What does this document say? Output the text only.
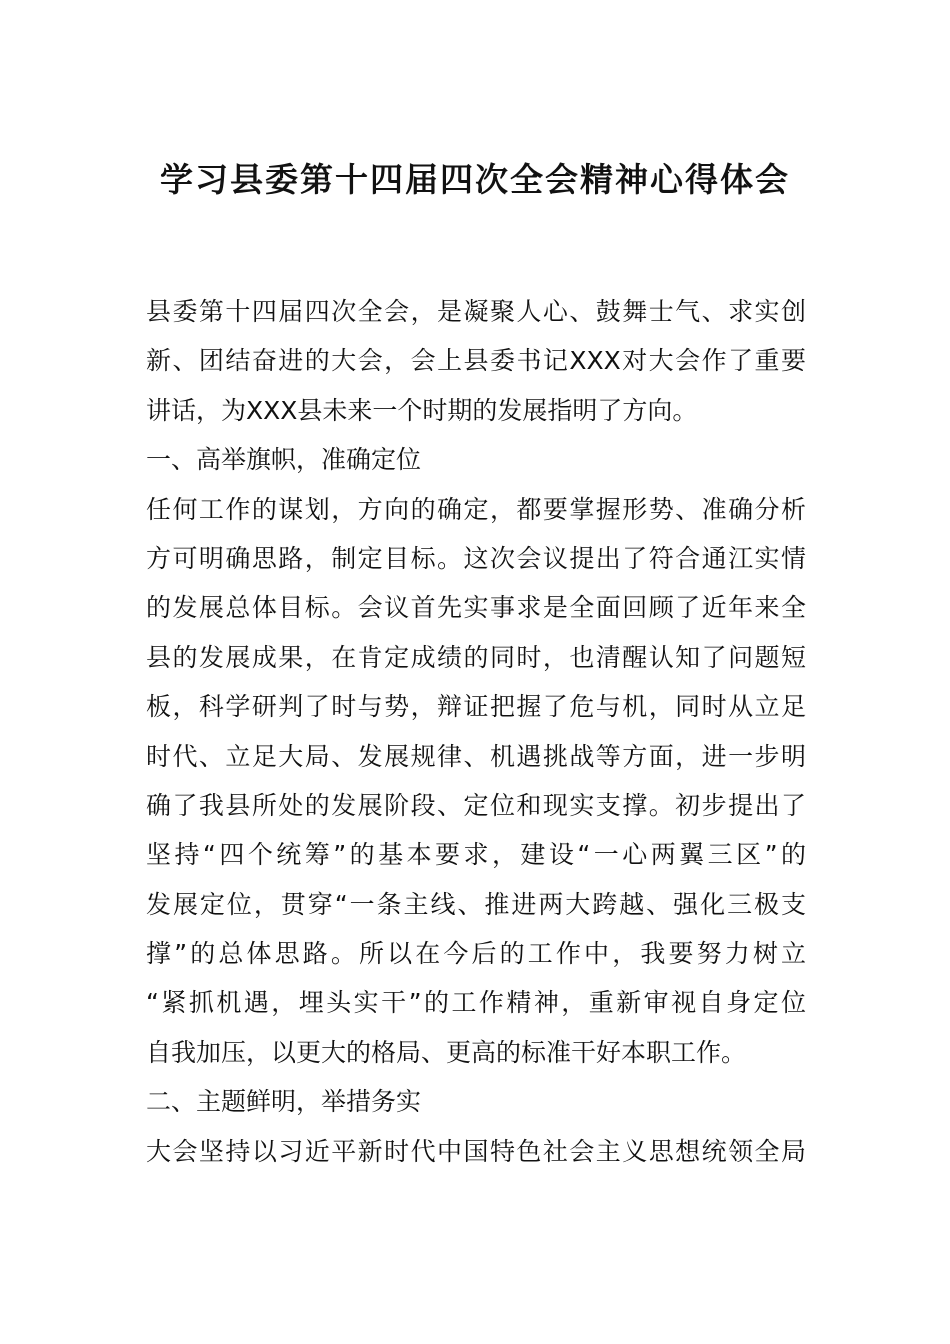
学习县委第十四届四次全会精神心得体会

县委第十四届四次全会，是凝聚人心、鼓舞士气、求实创

新、团结奋进的大会，会上县委书记XXX对大会作了重要

讲话，为XXX县未来一个时期的发展指明了方向。

一、高举旗帜，准确定位

任何工作的谋划，方向的确定，都要掌握形势、准确分析

方可明确思路，制定目标。这次会议提出了符合通江实情

的发展总体目标。会议首先实事求是全面回顾了近年来全

县的发展成果，在肯定成绩的同时，也清醒认知了问题短

板，科学研判了时与势，辩证把握了危与机，同时从立足

时代、立足大局、发展规律、机遇挑战等方面，进一步明

确了我县所处的发展阶段、定位和现实支撑。初步提出了

坚持“四个统筹”的基本要求，建设“一心两翼三区”的

发展定位，贯穿“一条主线、推进两大跨越、强化三极支

撑”的总体思路。所以在今后的工作中，我要努力树立

“紧抓机遇，埋头实干”的工作精神，重新审视自身定位

自我加压，以更大的格局、更高的标准干好本职工作。

二、主题鲜明，举措务实

大会坚持以习近平新时代中国特色社会主义思想统领全局
